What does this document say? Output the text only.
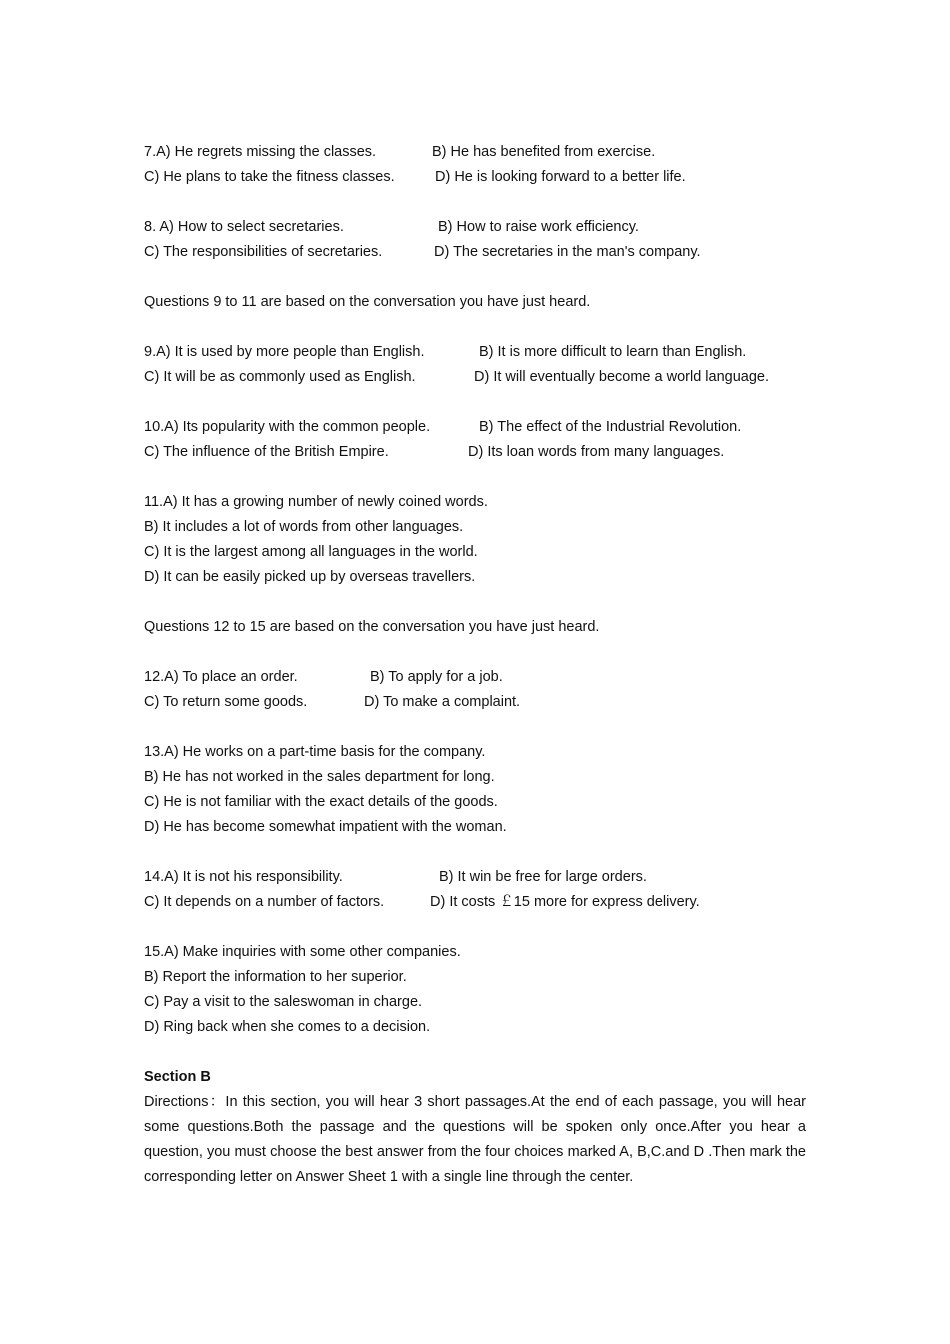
7.A) He regrets missing the classes.	B) He has benefited from exercise.
C) He plans to take the fitness classes.	D) He is looking forward to a better life.
8. A) How to select secretaries.	B) How to raise work efficiency.
C) The responsibilities of secretaries.	D) The secretaries in the man's company.
Questions 9 to 11 are based on the conversation you have just heard.
9.A) It is used by more people than English.	B) It is more difficult to learn than English.
C) It will be as commonly used as English.	D) It will eventually become a world language.
10.A) Its popularity with the common people.	B) The effect of the Industrial Revolution.
C) The influence of the British Empire.	D) Its loan words from many languages.
11.A) It has a growing number of newly coined words.
B) It includes a lot of words from other languages.
C) It is the largest among all languages in the world.
D) It can be easily picked up by overseas travellers.
Questions 12 to 15 are based on the conversation you have just heard.
12.A) To place an order.	B) To apply for a job.
C) To return some goods.	D) To make a complaint.
13.A) He works on a part-time basis for the company.
B) He has not worked in the sales department for long.
C) He is not familiar with the exact details of the goods.
D) He has become somewhat impatient with the woman.
14.A) It is not his responsibility.	B) It win be free for large orders.
C) It depends on a number of factors.	D) It costs ￡15 more for express delivery.
15.A) Make inquiries with some other companies.
B) Report the information to her superior.
C) Pay a visit to the saleswoman in charge.
D) Ring back when she comes to a decision.
Section B
Directions：In this section, you will hear 3 short passages.At the end of each passage, you will hear some questions.Both the passage and the questions will be spoken only once.After you hear a question, you must choose the best answer from the four choices marked A, B,C.and D .Then mark the corresponding letter on Answer Sheet 1 with a single line through the center.
